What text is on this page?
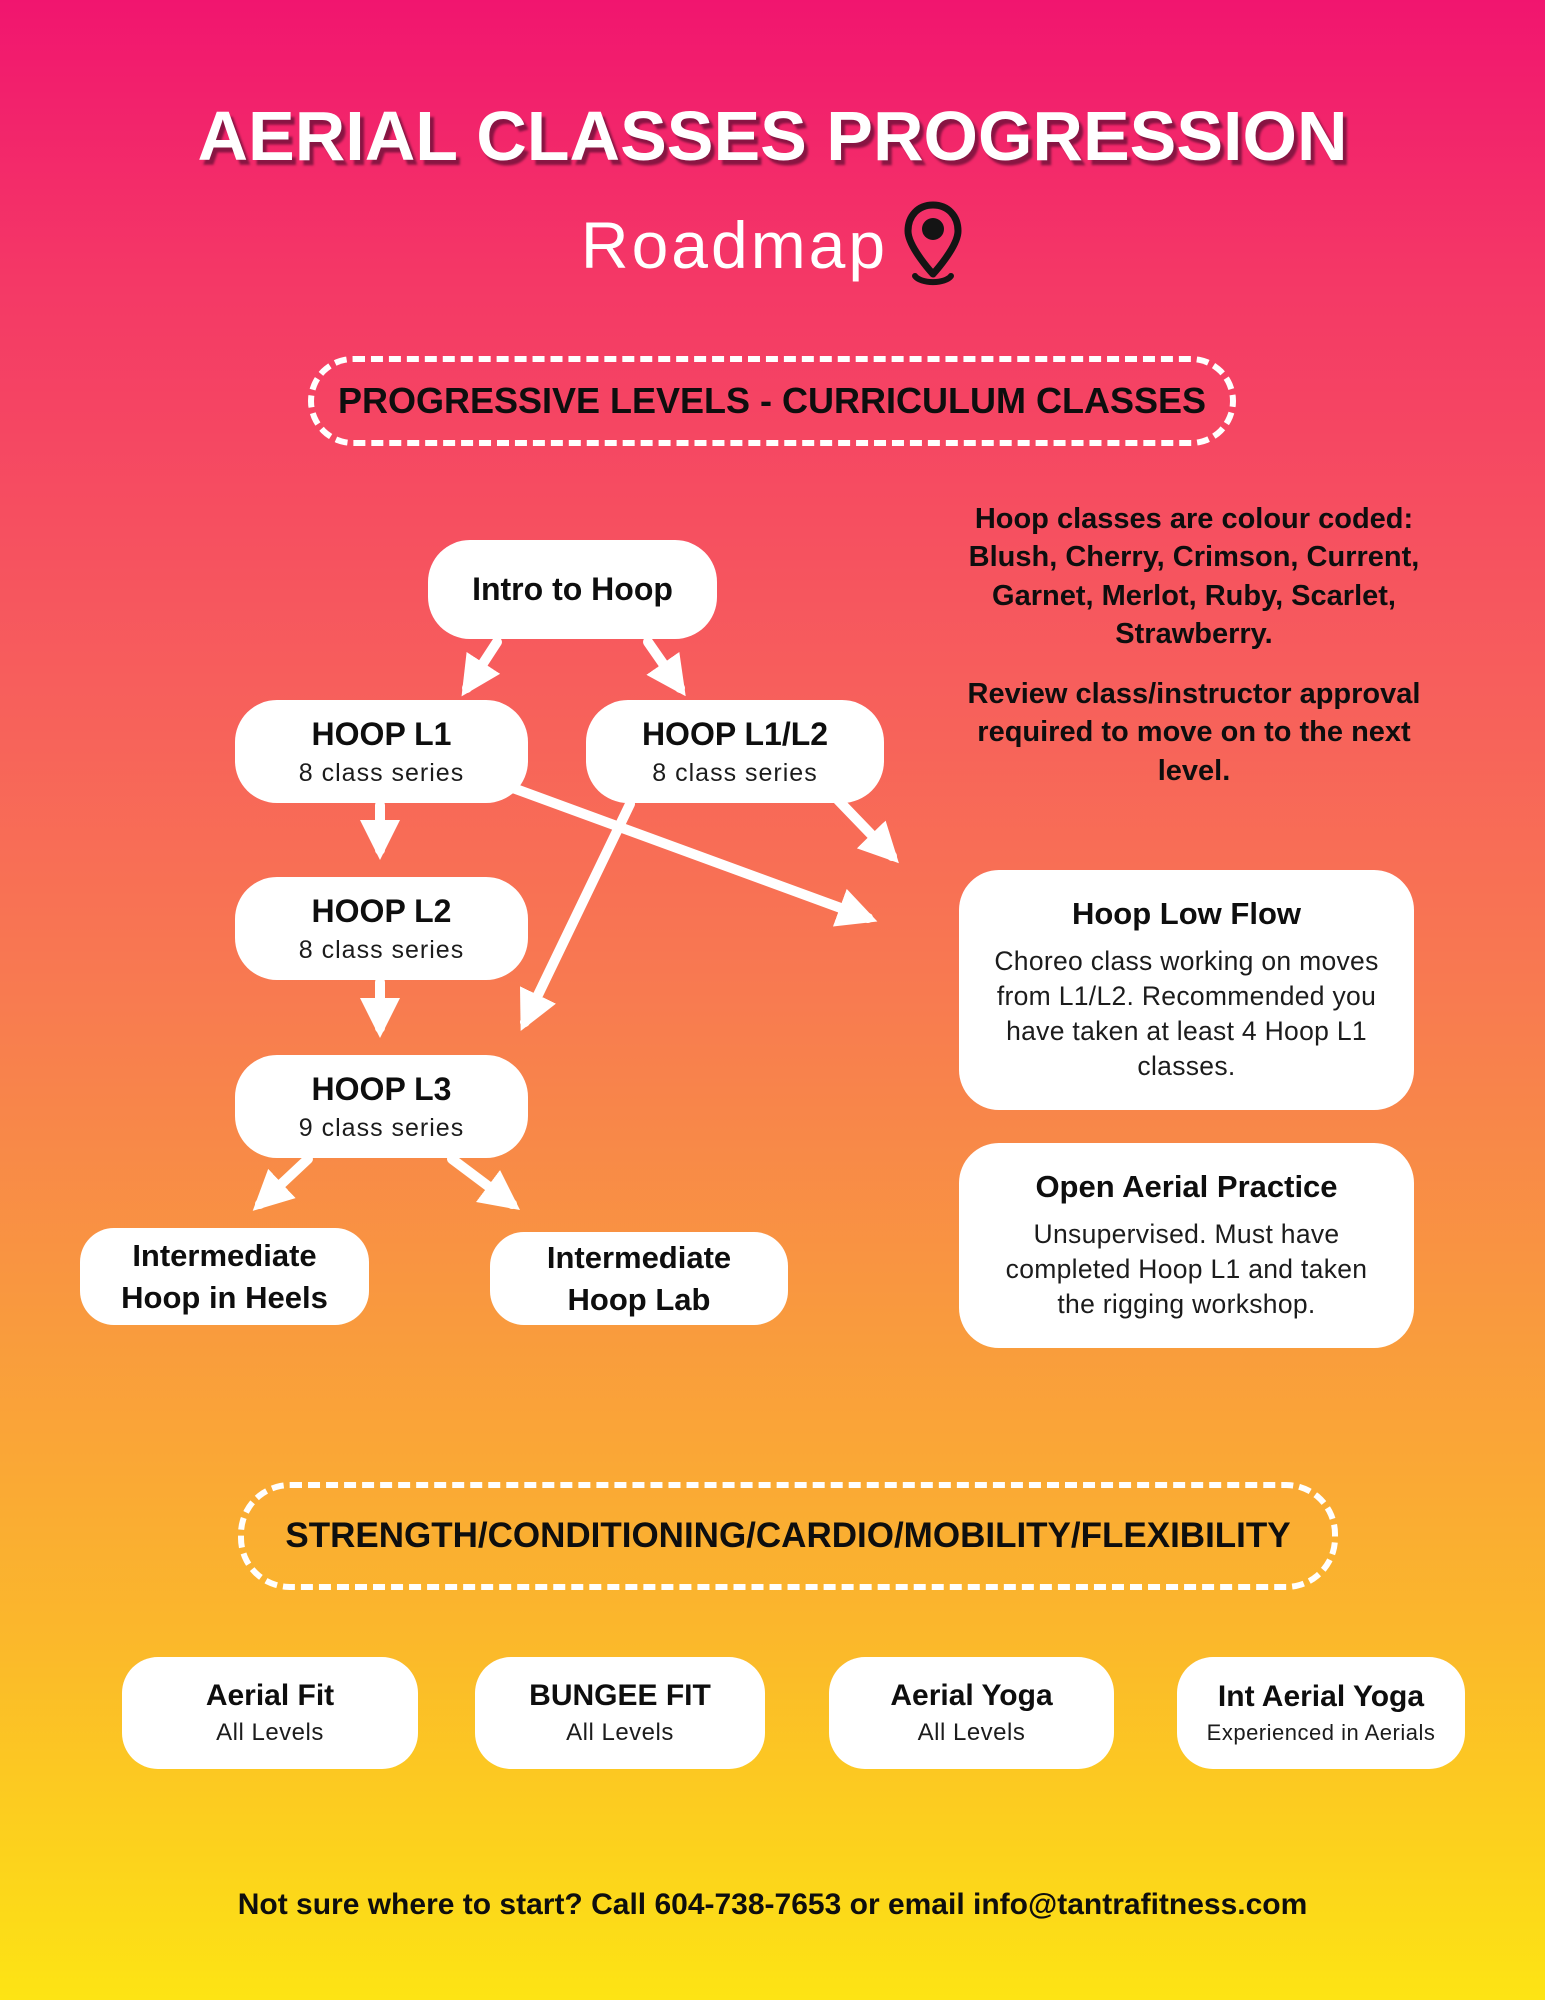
AERIAL CLASSES PROGRESSION
Roadmap
PROGRESSIVE LEVELS - CURRICULUM CLASSES

Hoop classes are colour coded: Blush, Cherry, Crimson, Current, Garnet, Merlot, Ruby, Scarlet, Strawberry.

Review class/instructor approval required to move on to the next level.

Intro to Hoop
HOOP L1
8 class series
HOOP L1/L2
8 class series
HOOP L2
8 class series
HOOP L3
9 class series
Intermediate
Hoop in Heels
Intermediate
Hoop Lab
Hoop Low Flow
Choreo class working on moves from L1/L2. Recommended you have taken at least 4 Hoop L1 classes.
Open Aerial Practice
Unsupervised. Must have completed Hoop L1 and taken the rigging workshop.
STRENGTH/CONDITIONING/CARDIO/MOBILITY/FLEXIBILITY
Aerial Fit
All Levels
BUNGEE FIT
All Levels
Aerial Yoga
All Levels
Int Aerial Yoga
Experienced in Aerials
Not sure where to start? Call 604-738-7653 or email info@tantrafitness.com
